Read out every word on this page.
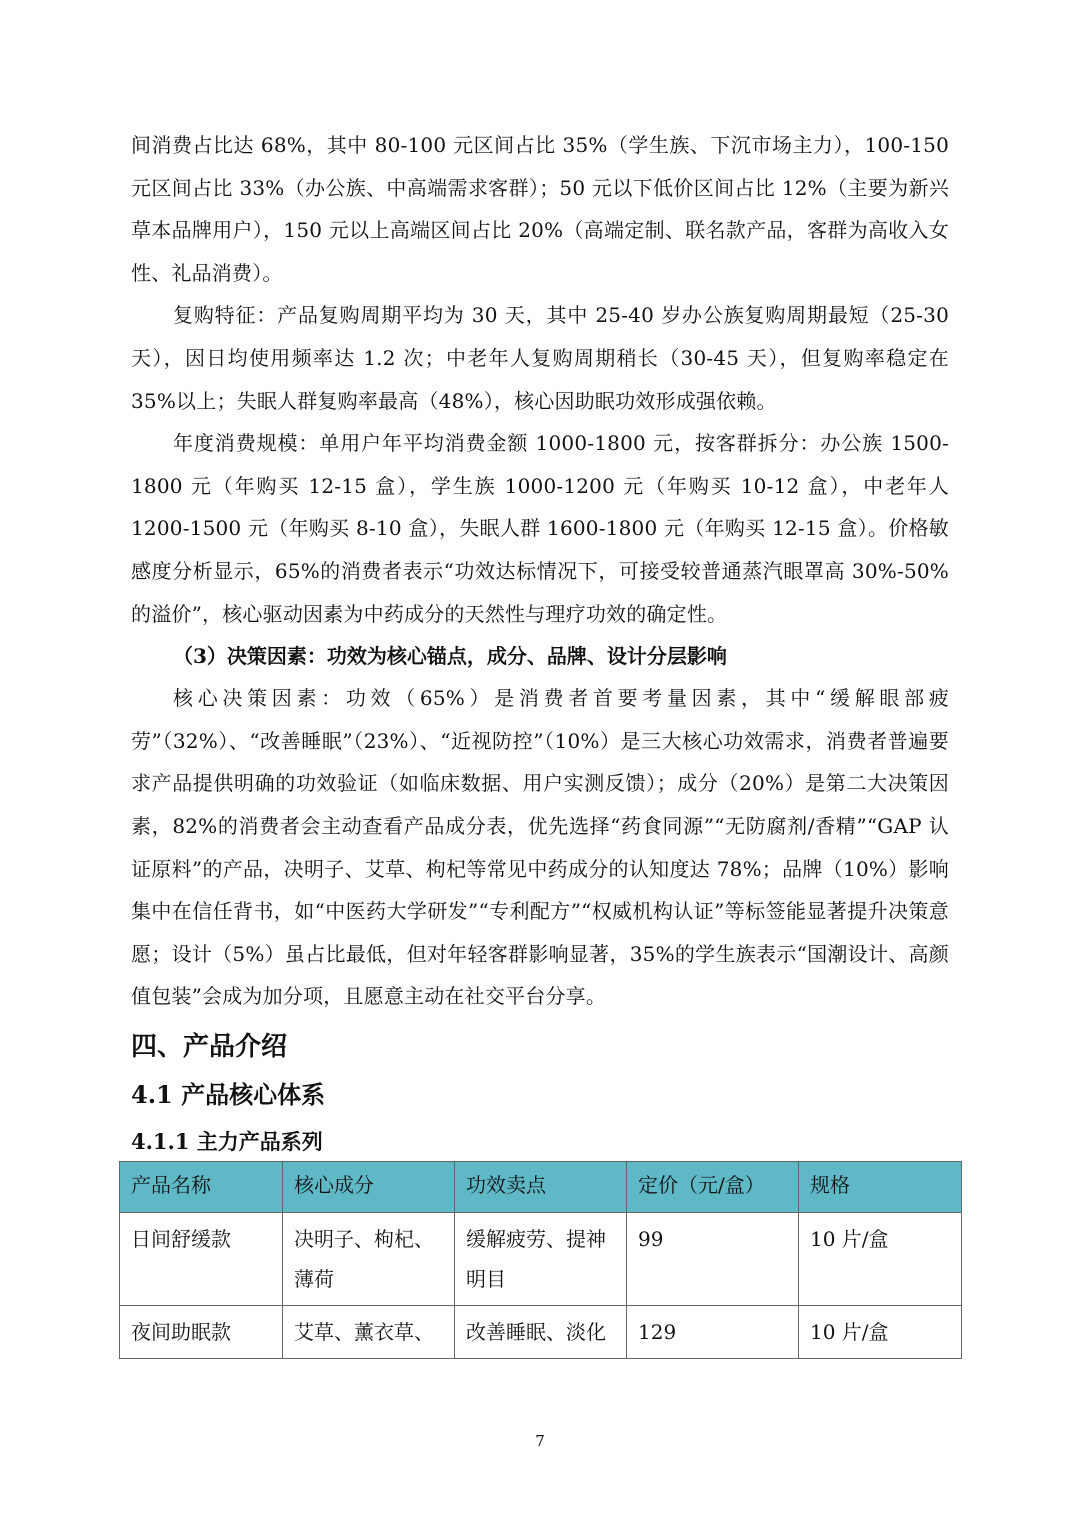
间消费占比达 68%，其中 80-100 元区间占比 35%（学生族、下沉市场主力），100-150 元区间占比 33%（办公族、中高端需求客群）；50 元以下低价区间占比 12%（主要为新兴草本品牌用户），150 元以上高端区间占比 20%（高端定制、联名款产品，客群为高收入女性、礼品消费）。

复购特征：产品复购周期平均为 30 天，其中 25-40 岁办公族复购周期最短（25-30 天），因日均使用频率达 1.2 次；中老年人复购周期稍长（30-45 天），但复购率稳定在 35%以上；失眠人群复购率最高（48%），核心因助眠功效形成强依赖。

年度消费规模：单用户年平均消费金额 1000-1800 元，按客群拆分：办公族 1500-1800 元（年购买 12-15 盒），学生族 1000-1200 元（年购买 10-12 盒），中老年人 1200-1500 元（年购买 8-10 盒），失眠人群 1600-1800 元（年购买 12-15 盒）。价格敏感度分析显示，65%的消费者表示“功效达标情况下，可接受较普通蒸汽眼罩高 30%-50%的溢价”，核心驱动因素为中药成分的天然性与理疗功效的确定性。

（3）决策因素：功效为核心锚点，成分、品牌、设计分层影响

核心决策因素：功效（65%）是消费者首要考量因素，其中“缓解眼部疲劳”（32%）、“改善睡眠”（23%）、“近视防控”（10%）是三大核心功效需求，消费者普遍要求产品提供明确的功效验证（如临床数据、用户实测反馈）；成分（20%）是第二大决策因素，82%的消费者会主动查看产品成分表，优先选择“药食同源”“无防腐剂/香精”“GAP 认证原料”的产品，决明子、艾草、枸杞等常见中药成分的认知度达 78%；品牌（10%）影响集中在信任背书，如“中医药大学研发”“专利配方”“权威机构认证”等标签能显著提升决策意愿；设计（5%）虽占比最低，但对年轻客群影响显著，35%的学生族表示“国潮设计、高颜值包装”会成为加分项，且愿意主动在社交平台分享。

四、产品介绍
4.1 产品核心体系
4.1.1 主力产品系列
产品名称	核心成分	功效卖点	定价（元/盒）	规格
日间舒缓款	决明子、枸杞、薄荷	缓解疲劳、提神明目	99	10 片/盒
夜间助眠款	艾草、薰衣草、	改善睡眠、淡化	129	10 片/盒
7
